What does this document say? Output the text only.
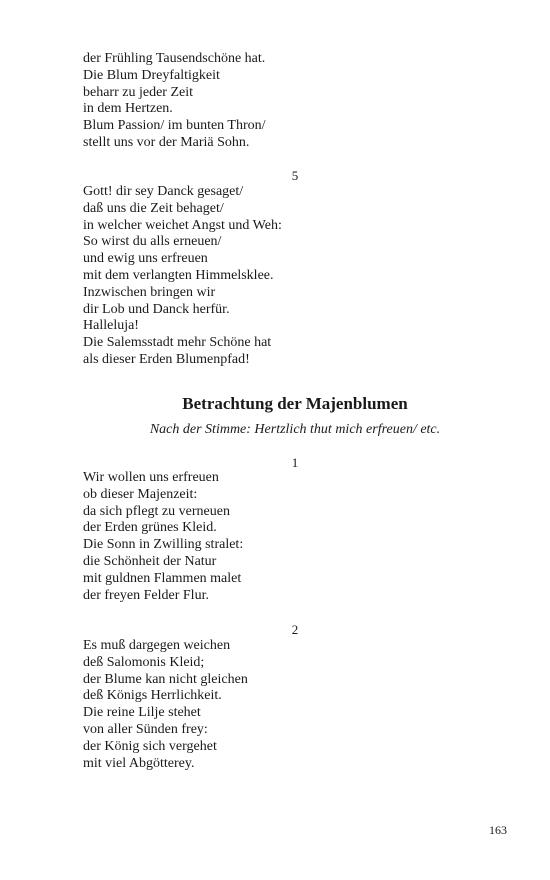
der Frühling Tausendschöne hat.
Die Blum Dreyfaltigkeit
beharr zu jeder Zeit
in dem Hertzen.
Blum Passion/ im bunten Thron/
stellt uns vor der Mariä Sohn.
5
Gott! dir sey Danck gesaget/
daß uns die Zeit behaget/
in welcher weichet Angst und Weh:
So wirst du alls erneuen/
und ewig uns erfreuen
mit dem verlangten Himmelsklee.
Inzwischen bringen wir
dir Lob und Danck herfür.
Halleluja!
Die Salemsstadt mehr Schöne hat
als dieser Erden Blumenpfad!
Betrachtung der Majenblumen
Nach der Stimme: Hertzlich thut mich erfreuen/ etc.
1
Wir wollen uns erfreuen
ob dieser Majenzeit:
da sich pflegt zu verneuen
der Erden grünes Kleid.
Die Sonn in Zwilling stralet:
die Schönheit der Natur
mit guldnen Flammen malet
der freyen Felder Flur.
2
Es muß dargegen weichen
deß Salomonis Kleid;
der Blume kan nicht gleichen
deß Königs Herrlichkeit.
Die reine Lilje stehet
von aller Sünden frey:
der König sich vergehet
mit viel Abgötterey.
163
